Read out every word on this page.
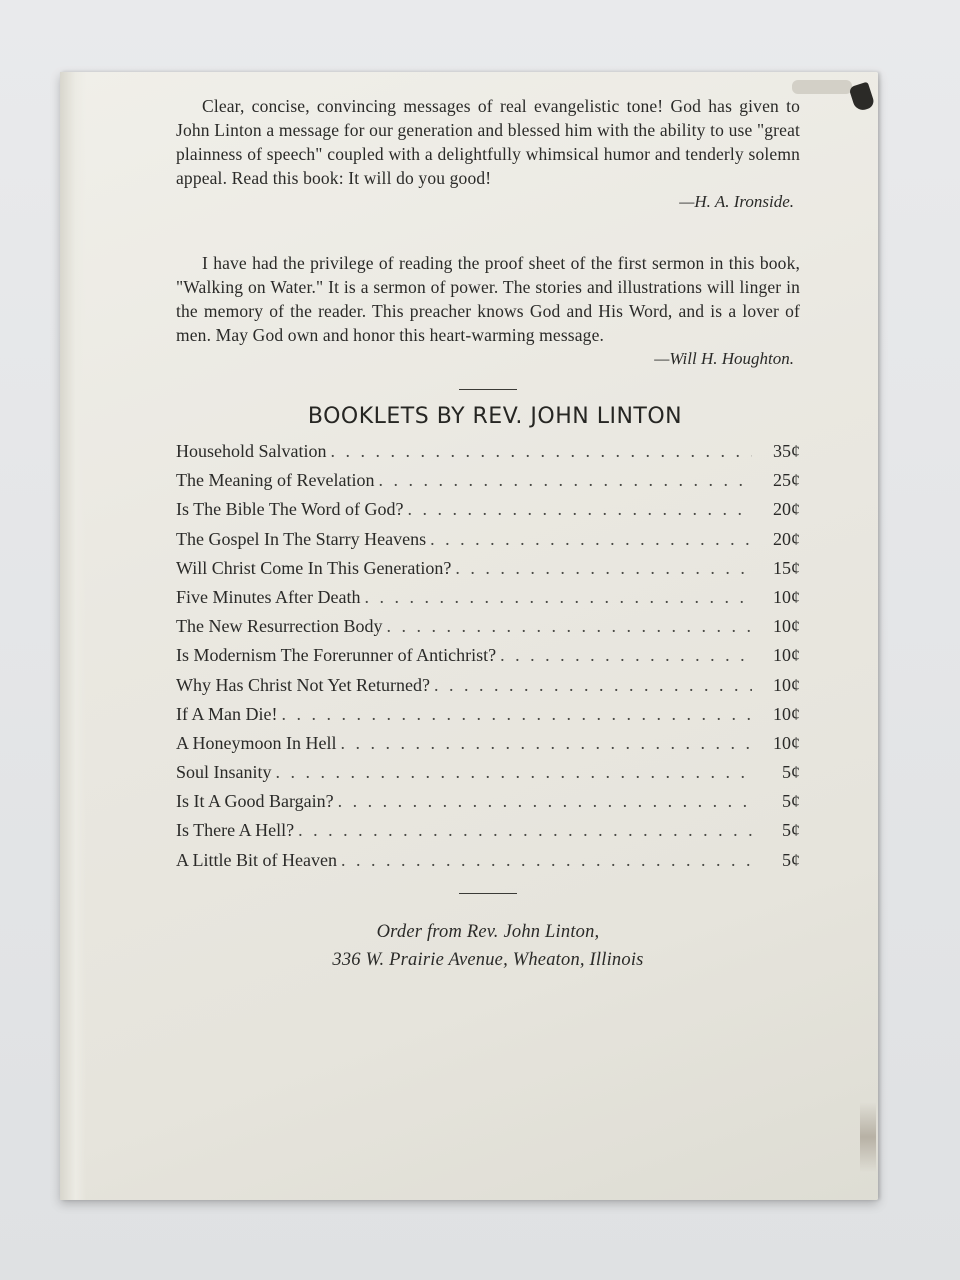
Clear, concise, convincing messages of real evangelistic tone! God has given to John Linton a message for our generation and blessed him with the ability to use "great plainness of speech" coupled with a delightfully whimsical humor and tenderly solemn appeal. Read this book: It will do you good!

—H. A. Ironside.

I have had the privilege of reading the proof sheet of the first sermon in this book, "Walking on Water." It is a sermon of power. The stories and illustrations will linger in the memory of the reader. This preacher knows God and His Word, and is a lover of men. May God own and honor this heart-warming message.

—Will H. Houghton.

BOOKLETS BY REV. JOHN LINTON
Household Salvation . . .	35¢
The Meaning of Revelation . . .	25¢
Is The Bible The Word of God? . . .	20¢
The Gospel In The Starry Heavens . . .	20¢
Will Christ Come In This Generation? . . .	15¢
Five Minutes After Death . . .	10¢
The New Resurrection Body . . .	10¢
Is Modernism The Forerunner of Antichrist? . . .	10¢
Why Has Christ Not Yet Returned? . . .	10¢
If A Man Die! . . .	10¢
A Honeymoon In Hell . . .	10¢
Soul Insanity . . .	5¢
Is It A Good Bargain? . . .	5¢
Is There A Hell? . . .	5¢
A Little Bit of Heaven . . .	5¢
Order from Rev. John Linton,
336 W. Prairie Avenue, Wheaton, Illinois
